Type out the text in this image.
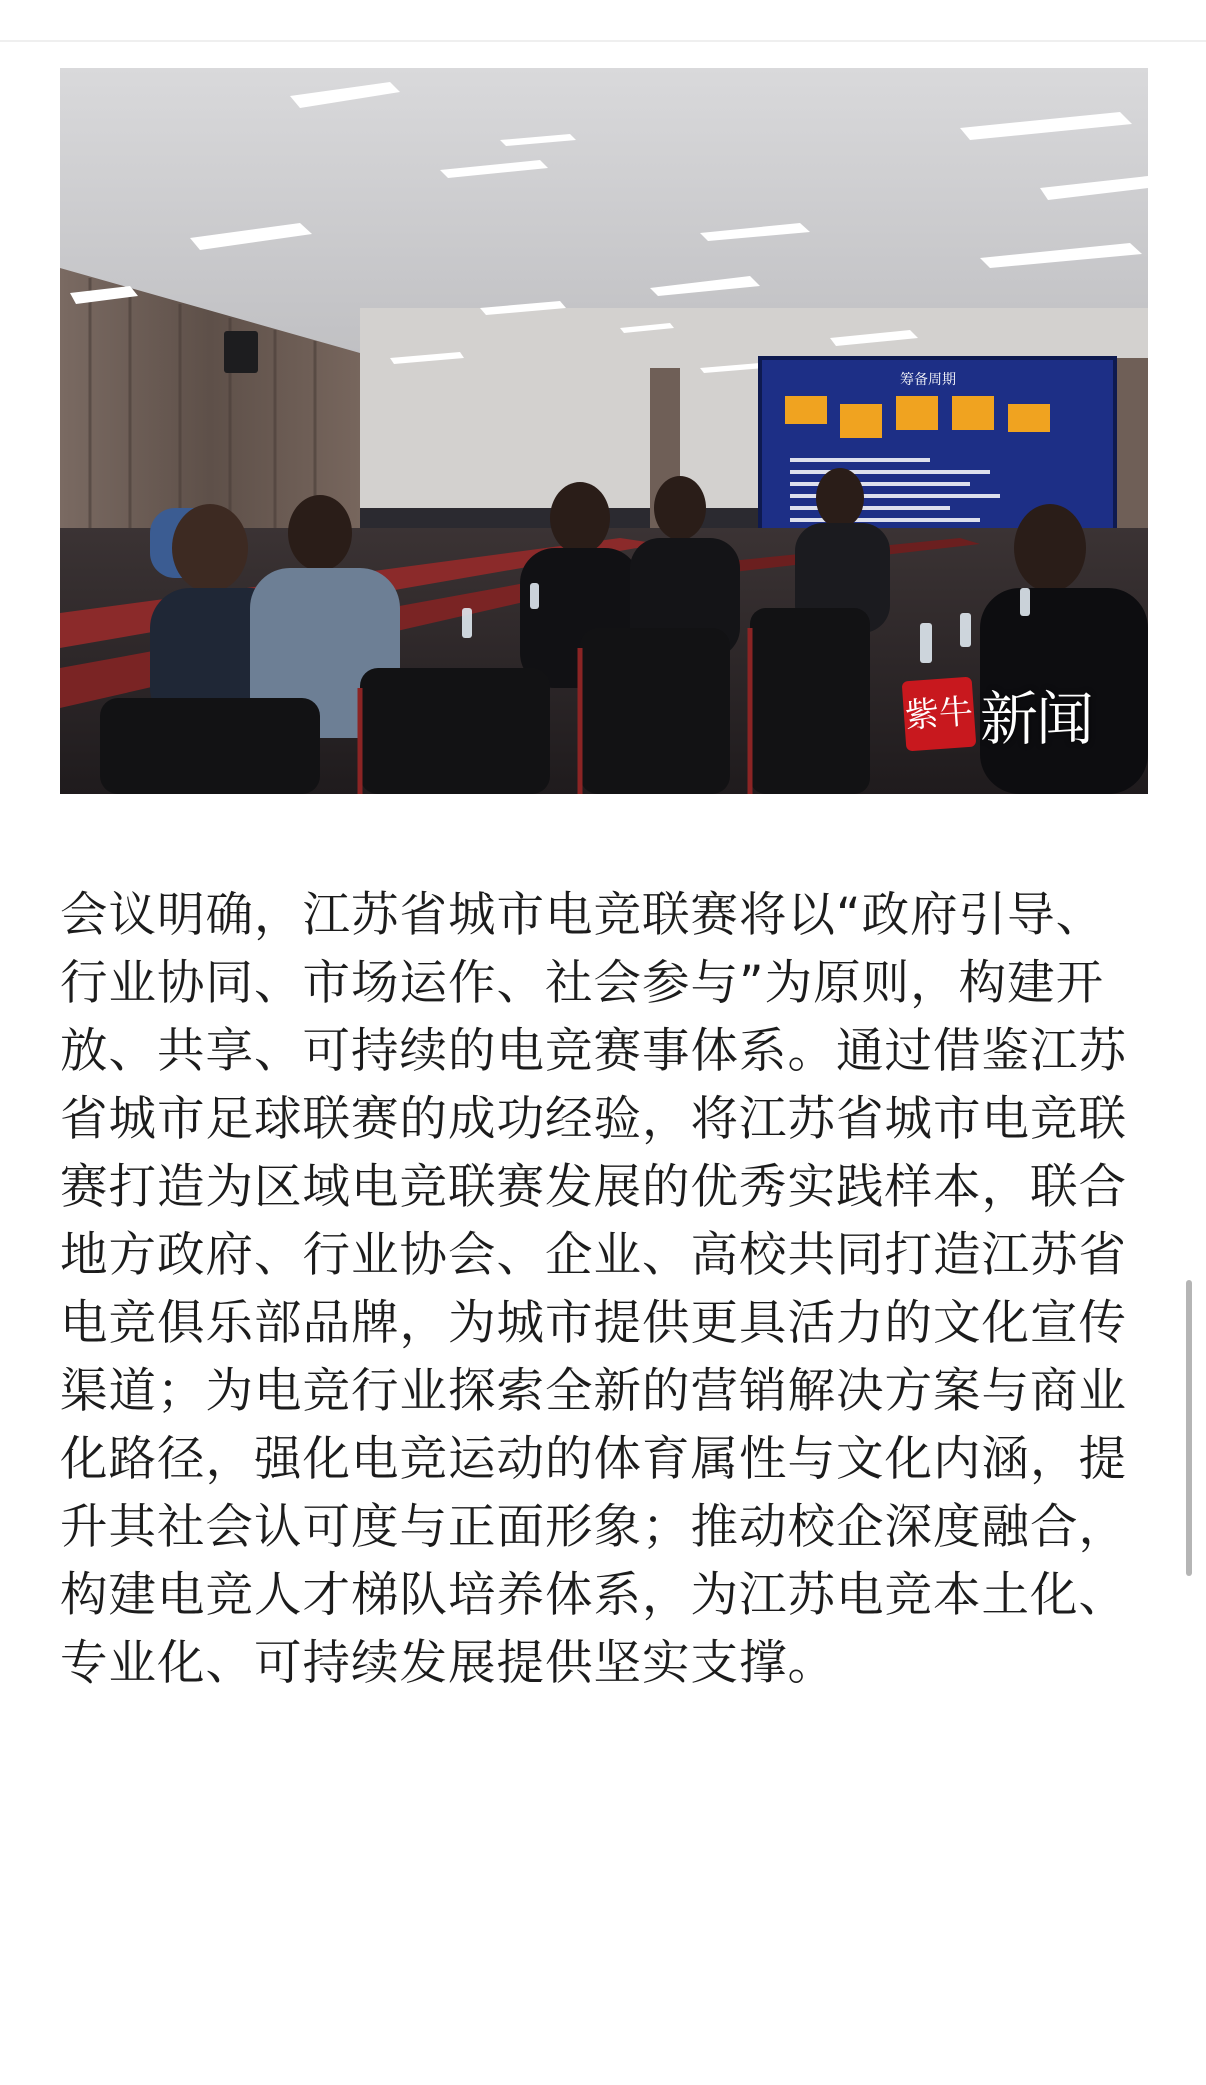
筹备周期
紫牛 新闻

会议明确，江苏省城市电竞联赛将以“政府引导、行业协同、市场运作、社会参与”为原则，构建开放、共享、可持续的电竞赛事体系。通过借鉴江苏省城市足球联赛的成功经验，将江苏省城市电竞联赛打造为区域电竞联赛发展的优秀实践样本，联合地方政府、行业协会、企业、高校共同打造江苏省电竞俱乐部品牌，为城市提供更具活力的文化宣传渠道；为电竞行业探索全新的营销解决方案与商业化路径，强化电竞运动的体育属性与文化内涵，提升其社会认可度与正面形象；推动校企深度融合，构建电竞人才梯队培养体系，为江苏电竞本土化、专业化、可持续发展提供坚实支撑。
